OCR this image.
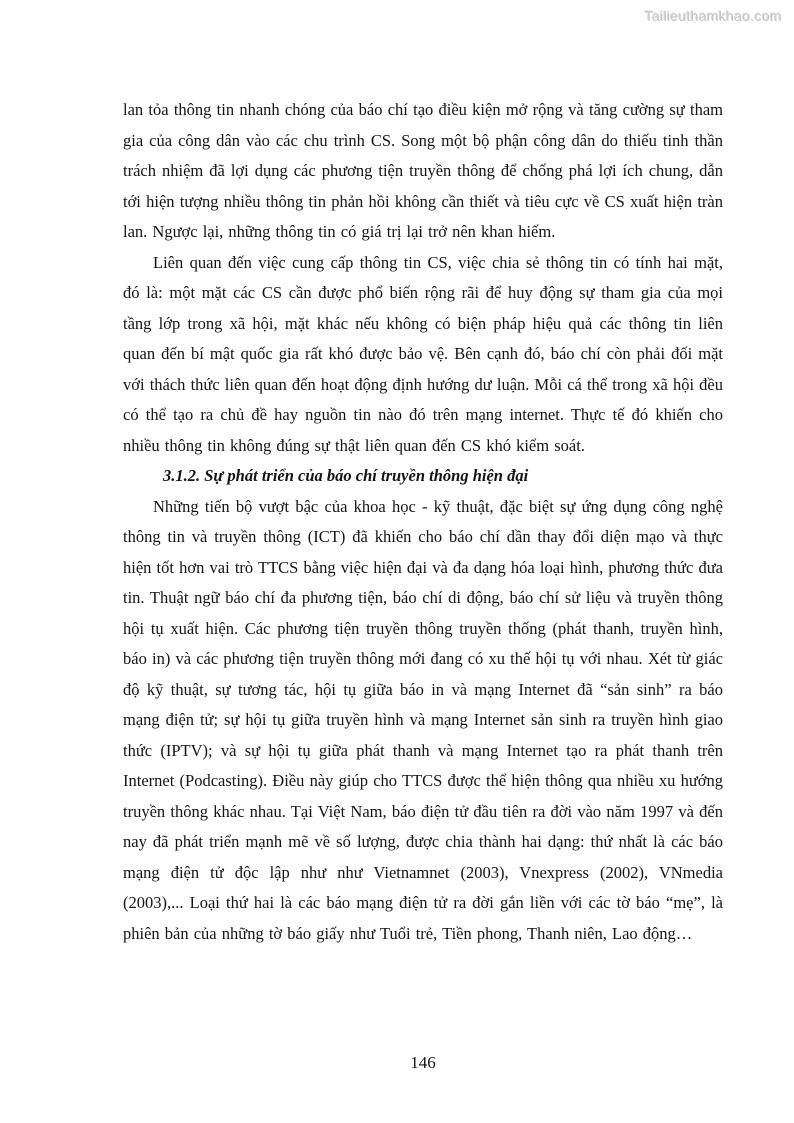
Tailieuthamkhao.com

lan tỏa thông tin nhanh chóng của báo chí tạo điều kiện mở rộng và tăng cường sự tham gia của công dân vào các chu trình CS. Song một bộ phận công dân do thiếu tinh thần trách nhiệm đã lợi dụng các phương tiện truyền thông để chống phá lợi ích chung, dẫn tới hiện tượng nhiều thông tin phản hồi không cần thiết và tiêu cực về CS xuất hiện tràn lan. Ngược lại, những thông tin có giá trị lại trở nên khan hiếm.

Liên quan đến việc cung cấp thông tin CS, việc chia sẻ thông tin có tính hai mặt, đó là: một mặt các CS cần được phổ biến rộng rãi để huy động sự tham gia của mọi tầng lớp trong xã hội, mặt khác nếu không có biện pháp hiệu quả các thông tin liên quan đến bí mật quốc gia rất khó được bảo vệ. Bên cạnh đó, báo chí còn phải đối mặt với thách thức liên quan đến hoạt động định hướng dư luận. Mỗi cá thể trong xã hội đều có thể tạo ra chủ đề hay nguồn tin nào đó trên mạng internet. Thực tế đó khiến cho nhiều thông tin không đúng sự thật liên quan đến CS khó kiểm soát.

3.1.2. Sự phát triển của báo chí truyền thông hiện đại

Những tiến bộ vượt bậc của khoa học - kỹ thuật, đặc biệt sự ứng dụng công nghệ thông tin và truyền thông (ICT) đã khiến cho báo chí dần thay đổi diện mạo và thực hiện tốt hơn vai trò TTCS bằng việc hiện đại và đa dạng hóa loại hình, phương thức đưa tin. Thuật ngữ báo chí đa phương tiện, báo chí di động, báo chí sử liệu và truyền thông hội tụ xuất hiện. Các phương tiện truyền thông truyền thống (phát thanh, truyền hình, báo in) và các phương tiện truyền thông mới đang có xu thế hội tụ với nhau. Xét từ giác độ kỹ thuật, sự tương tác, hội tụ giữa báo in và mạng Internet đã “sản sinh” ra báo mạng điện tử; sự hội tụ giữa truyền hình và mạng Internet sản sinh ra truyền hình giao thức (IPTV); và sự hội tụ giữa phát thanh và mạng Internet tạo ra phát thanh trên Internet (Podcasting). Điều này giúp cho TTCS được thể hiện thông qua nhiều xu hướng truyền thông khác nhau. Tại Việt Nam, báo điện tử đầu tiên ra đời vào năm 1997 và đến nay đã phát triển mạnh mẽ về số lượng, được chia thành hai dạng: thứ nhất là các báo mạng điện tử độc lập như như Vietnamnet (2003), Vnexpress (2002), VNmedia (2003),... Loại thứ hai là các báo mạng điện tử ra đời gắn liền với các tờ báo “mẹ”, là phiên bản của những tờ báo giấy như Tuổi trẻ, Tiền phong, Thanh niên, Lao động…

146
